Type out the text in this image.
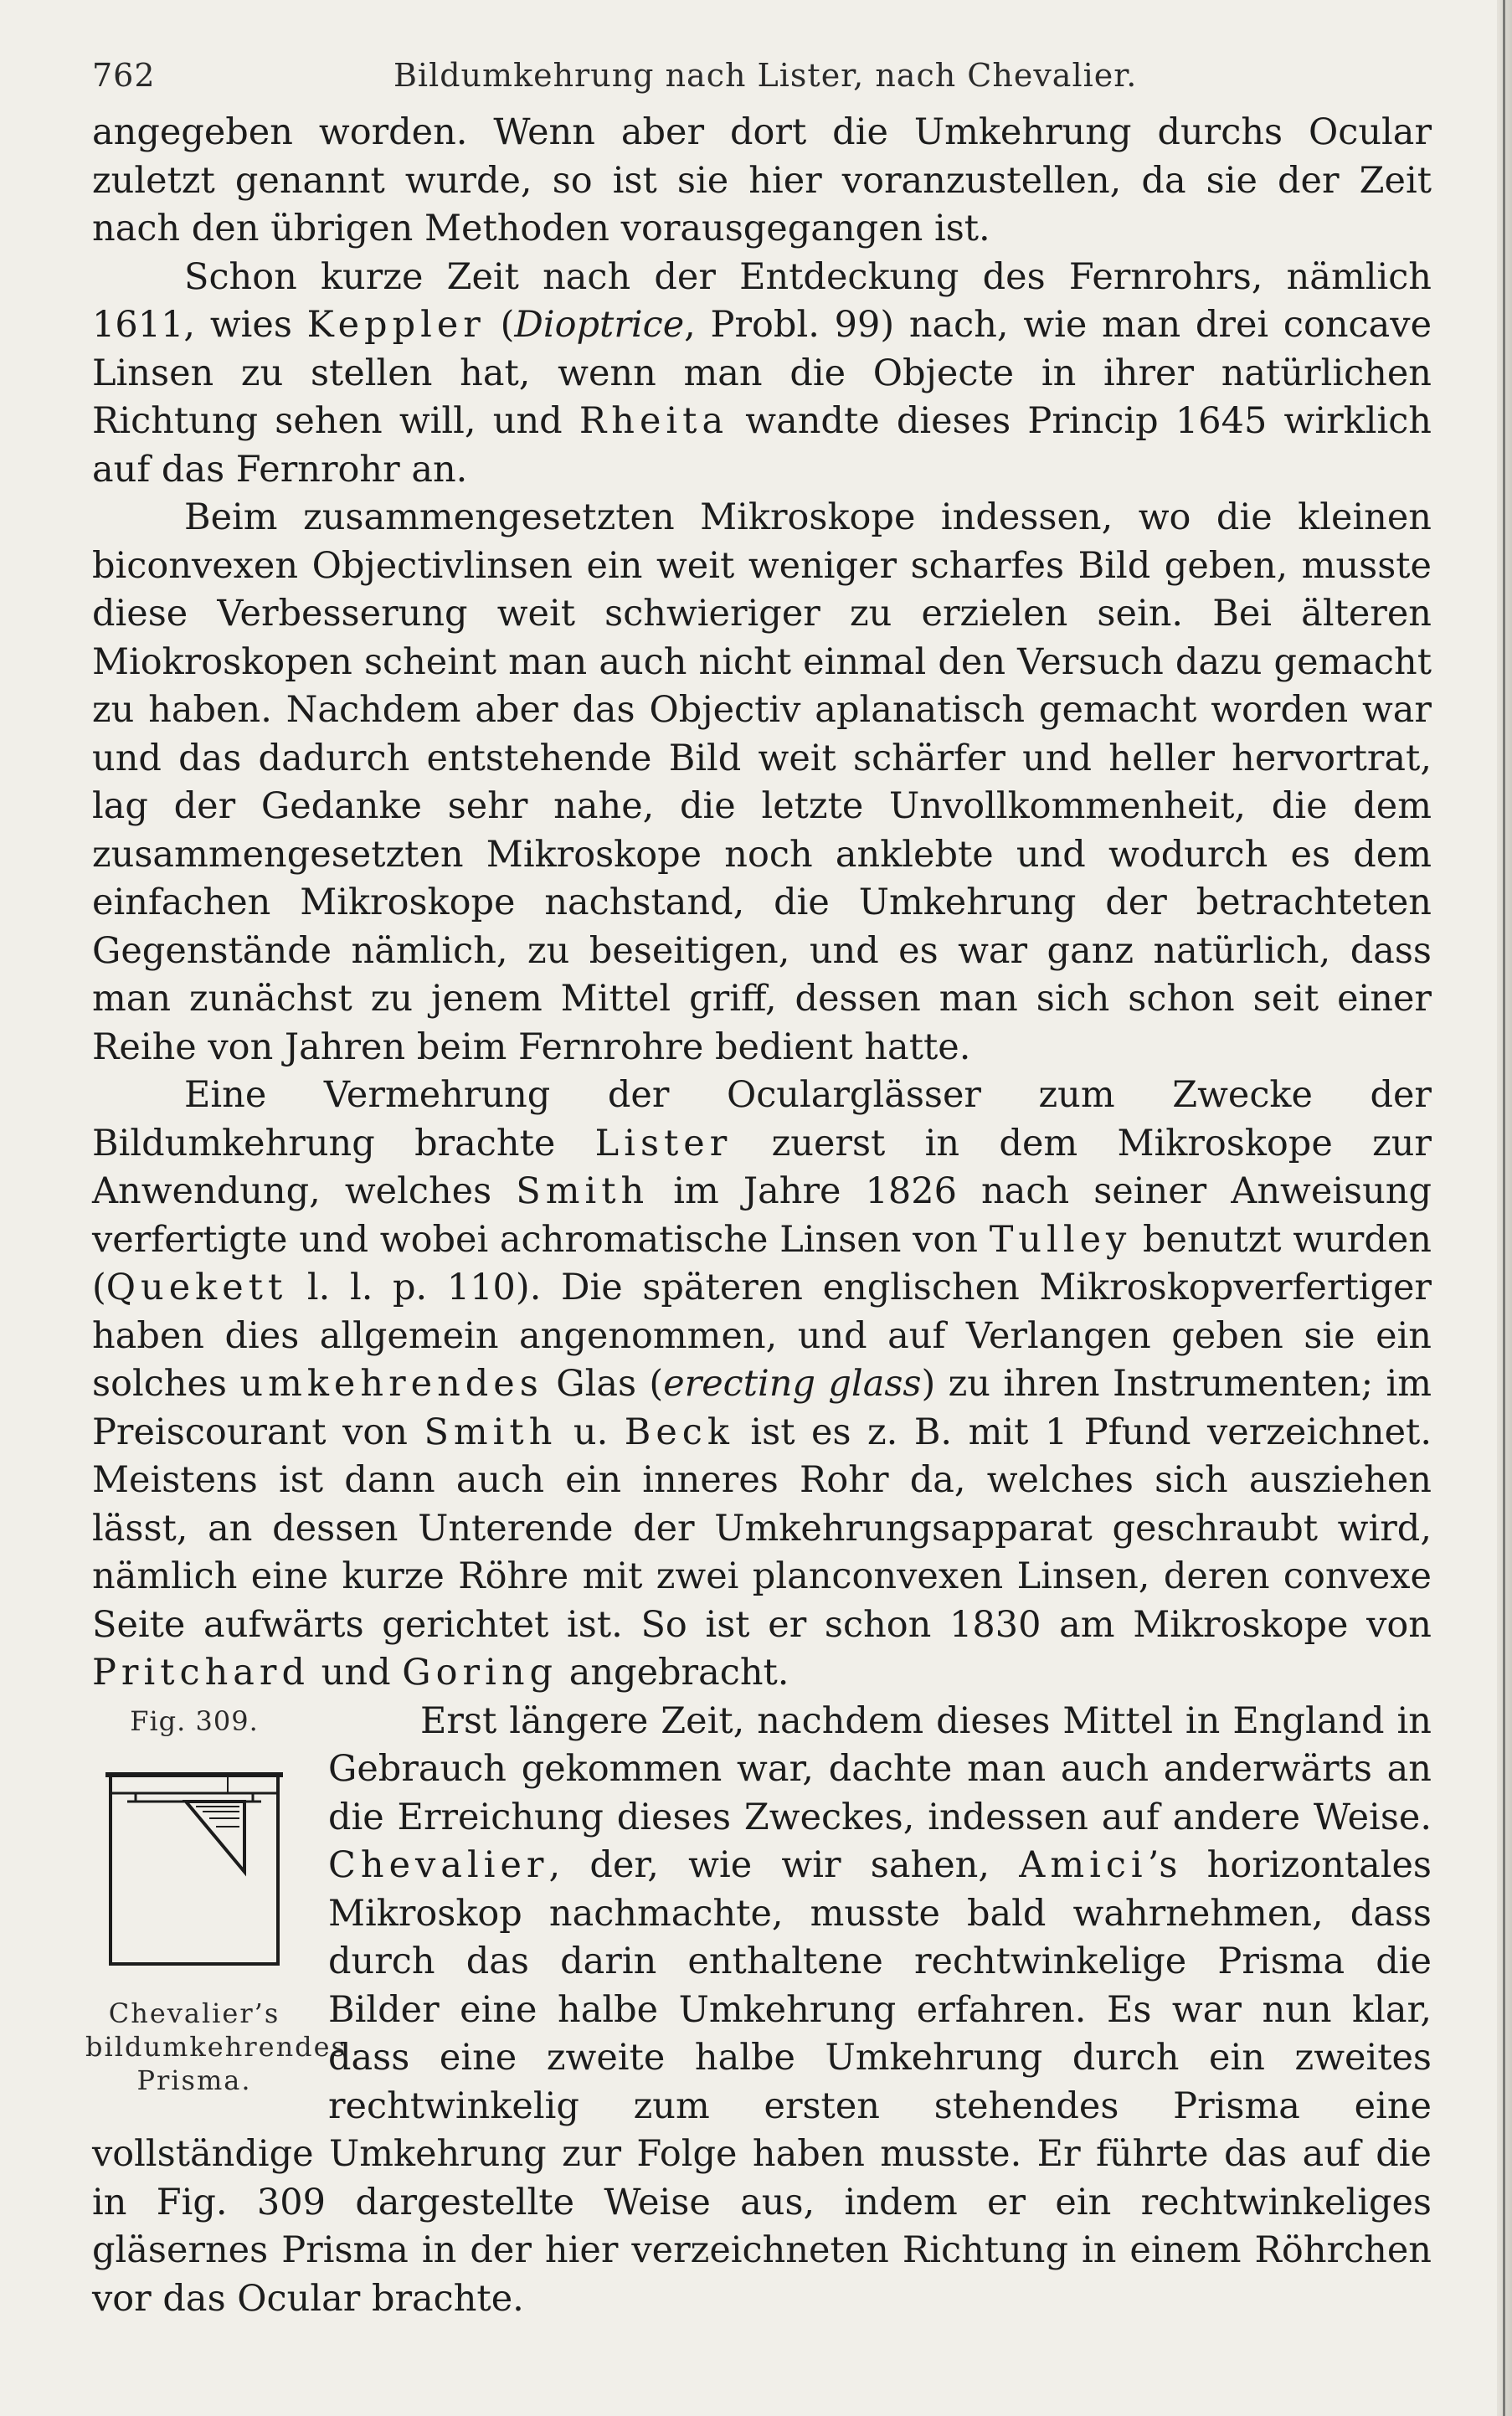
762	Bildumkehrung nach Lister, nach Chevalier.

angegeben worden. Wenn aber dort die Umkehrung durchs Ocular zuletzt genannt wurde, so ist sie hier voranzustellen, da sie der Zeit nach den übrigen Methoden vorausgegangen ist.

Schon kurze Zeit nach der Entdeckung des Fernrohrs, nämlich 1611, wies Keppler (Dioptrice, Probl. 99) nach, wie man drei concave Linsen zu stellen hat, wenn man die Objecte in ihrer natürlichen Richtung sehen will, und Rheita wandte dieses Princip 1645 wirklich auf das Fernrohr an.

Beim zusammengesetzten Mikroskope indessen, wo die kleinen biconvexen Objectivlinsen ein weit weniger scharfes Bild geben, musste diese Verbesserung weit schwieriger zu erzielen sein. Bei älteren Miokroskopen scheint man auch nicht einmal den Versuch dazu gemacht zu haben. Nachdem aber das Objectiv aplanatisch gemacht worden war und das dadurch entstehende Bild weit schärfer und heller hervortrat, lag der Gedanke sehr nahe, die letzte Unvollkommenheit, die dem zusammengesetzten Mikroskope noch anklebte und wodurch es dem einfachen Mikroskope nachstand, die Umkehrung der betrachteten Gegenstände nämlich, zu beseitigen, und es war ganz natürlich, dass man zunächst zu jenem Mittel griff, dessen man sich schon seit einer Reihe von Jahren beim Fernrohre bedient hatte.

Eine Vermehrung der Ocularglässer zum Zwecke der Bildumkehrung brachte Lister zuerst in dem Mikroskope zur Anwendung, welches Smith im Jahre 1826 nach seiner Anweisung verfertigte und wobei achromatische Linsen von Tulley benutzt wurden (Quekett l. l. p. 110). Die späteren englischen Mikroskopverfertiger haben dies allgemein angenommen, und auf Verlangen geben sie ein solches umkehrendes Glas (erecting glass) zu ihren Instrumenten; im Preiscourant von Smith u. Beck ist es z. B. mit 1 Pfund verzeichnet. Meistens ist dann auch ein inneres Rohr da, welches sich ausziehen lässt, an dessen Unterende der Umkehrungsapparat geschraubt wird, nämlich eine kurze Röhre mit zwei planconvexen Linsen, deren convexe Seite aufwärts gerichtet ist. So ist er schon 1830 am Mikroskope von Pritchard und Goring angebracht.

Fig. 309.
Chevalier’s bildumkehrendes Prisma.

Erst längere Zeit, nachdem dieses Mittel in England in Gebrauch gekommen war, dachte man auch anderwärts an die Erreichung dieses Zweckes, indessen auf andere Weise. Chevalier, der, wie wir sahen, Amici’s horizontales Mikroskop nachmachte, musste bald wahrnehmen, dass durch das darin enthaltene rechtwinkelige Prisma die Bilder eine halbe Umkehrung erfahren. Es war nun klar, dass eine zweite halbe Umkehrung durch ein zweites rechtwinkelig zum ersten stehendes Prisma eine vollständige Umkehrung zur Folge haben musste. Er führte das auf die in Fig. 309 dargestellte Weise aus, indem er ein rechtwinkeliges gläsernes Prisma in der hier verzeichneten Richtung in einem Röhrchen vor das Ocular brachte.
